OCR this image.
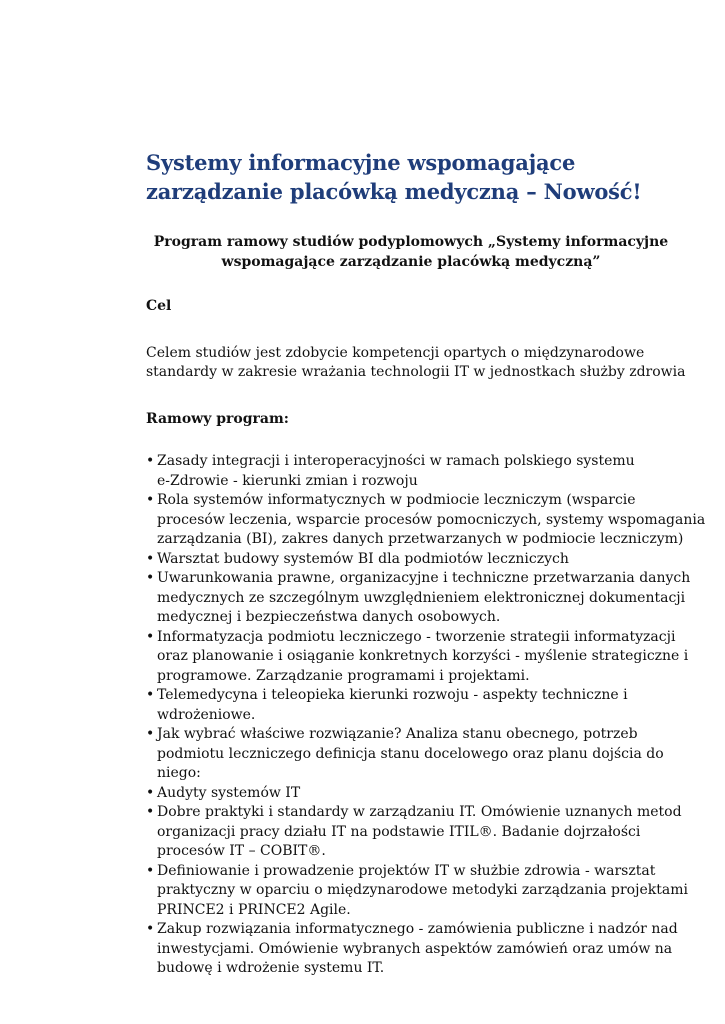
Systemy informacyjne wspomagające
zarządzanie placówką medyczną – Nowość!

Program ramowy studiów podyplomowych „Systemy informacyjne
wspomagające zarządzanie placówką medyczną”

Cel

Celem studiów jest zdobycie kompetencji opartych o międzynarodowe
standardy w zakresie wrażania technologii IT w jednostkach służby zdrowia

Ramowy program:
• Zasady integracji i interoperacyjności w ramach polskiego systemu
e-Zdrowie - kierunki zmian i rozwoju
• Rola systemów informatycznych w podmiocie leczniczym (wsparcie
procesów leczenia, wsparcie procesów pomocniczych, systemy wspomagania
zarządzania (BI), zakres danych przetwarzanych w podmiocie leczniczym)
• Warsztat budowy systemów BI dla podmiotów leczniczych
• Uwarunkowania prawne, organizacyjne i techniczne przetwarzania danych
medycznych ze szczególnym uwzględnieniem elektronicznej dokumentacji
medycznej i bezpieczeństwa danych osobowych.
• Informatyzacja podmiotu leczniczego - tworzenie strategii informatyzacji
oraz planowanie i osiąganie konkretnych korzyści - myślenie strategiczne i
programowe. Zarządzanie programami i projektami.
• Telemedycyna i teleopieka kierunki rozwoju - aspekty techniczne i
wdrożeniowe.
• Jak wybrać właściwe rozwiązanie? Analiza stanu obecnego, potrzeb
podmiotu leczniczego definicja stanu docelowego oraz planu dojścia do
niego:
• Audyty systemów IT
• Dobre praktyki i standardy w zarządzaniu IT. Omówienie uznanych metod
organizacji pracy działu IT na podstawie ITIL®. Badanie dojrzałości
procesów IT – COBIT®.
• Definiowanie i prowadzenie projektów IT w służbie zdrowia - warsztat
praktyczny w oparciu o międzynarodowe metodyki zarządzania projektami
PRINCE2 i PRINCE2 Agile.
• Zakup rozwiązania informatycznego - zamówienia publiczne i nadzór nad
inwestycjami. Omówienie wybranych aspektów zamówień oraz umów na
budowę i wdrożenie systemu IT.
